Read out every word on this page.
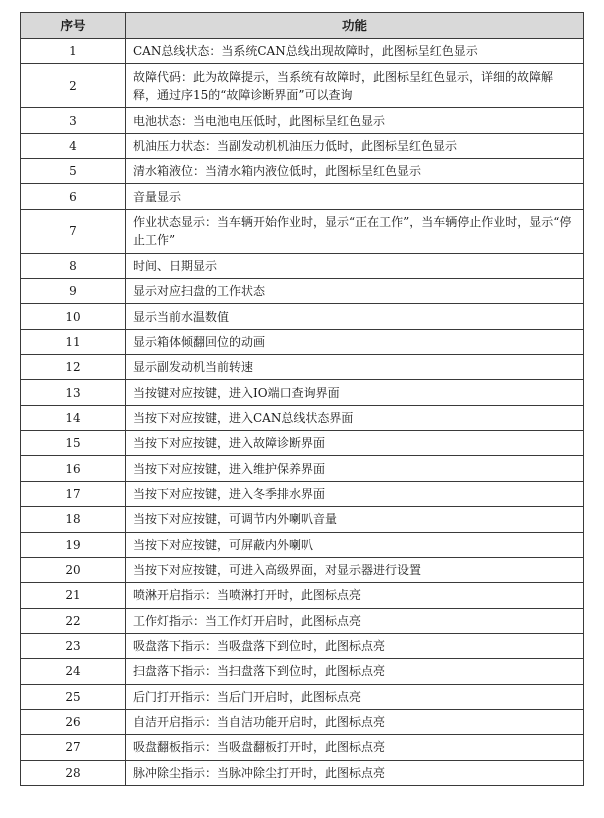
序号	功能
1	CAN总线状态：当系统CAN总线出现故障时，此图标呈红色显示
2	故障代码：此为故障提示，当系统有故障时，此图标呈红色显示，详细的故障解释，通过序15的“故障诊断界面”可以查询
3	电池状态：当电池电压低时，此图标呈红色显示
4	机油压力状态：当副发动机机油压力低时，此图标呈红色显示
5	清水箱液位：当清水箱内液位低时，此图标呈红色显示
6	音量显示
7	作业状态显示：当车辆开始作业时，显示“正在工作”，当车辆停止作业时，显示“停止工作”
8	时间、日期显示
9	显示对应扫盘的工作状态
10	显示当前水温数值
11	显示箱体倾翻回位的动画
12	显示副发动机当前转速
13	当按键对应按键，进入IO端口查询界面
14	当按下对应按键，进入CAN总线状态界面
15	当按下对应按键，进入故障诊断界面
16	当按下对应按键，进入维护保养界面
17	当按下对应按键，进入冬季排水界面
18	当按下对应按键，可调节内外喇叭音量
19	当按下对应按键，可屏蔽内外喇叭
20	当按下对应按键，可进入高级界面，对显示器进行设置
21	喷淋开启指示：当喷淋打开时，此图标点亮
22	工作灯指示：当工作灯开启时，此图标点亮
23	吸盘落下指示：当吸盘落下到位时，此图标点亮
24	扫盘落下指示：当扫盘落下到位时，此图标点亮
25	后门打开指示：当后门开启时，此图标点亮
26	自洁开启指示：当自洁功能开启时，此图标点亮
27	吸盘翻板指示：当吸盘翻板打开时，此图标点亮
28	脉冲除尘指示：当脉冲除尘打开时，此图标点亮
